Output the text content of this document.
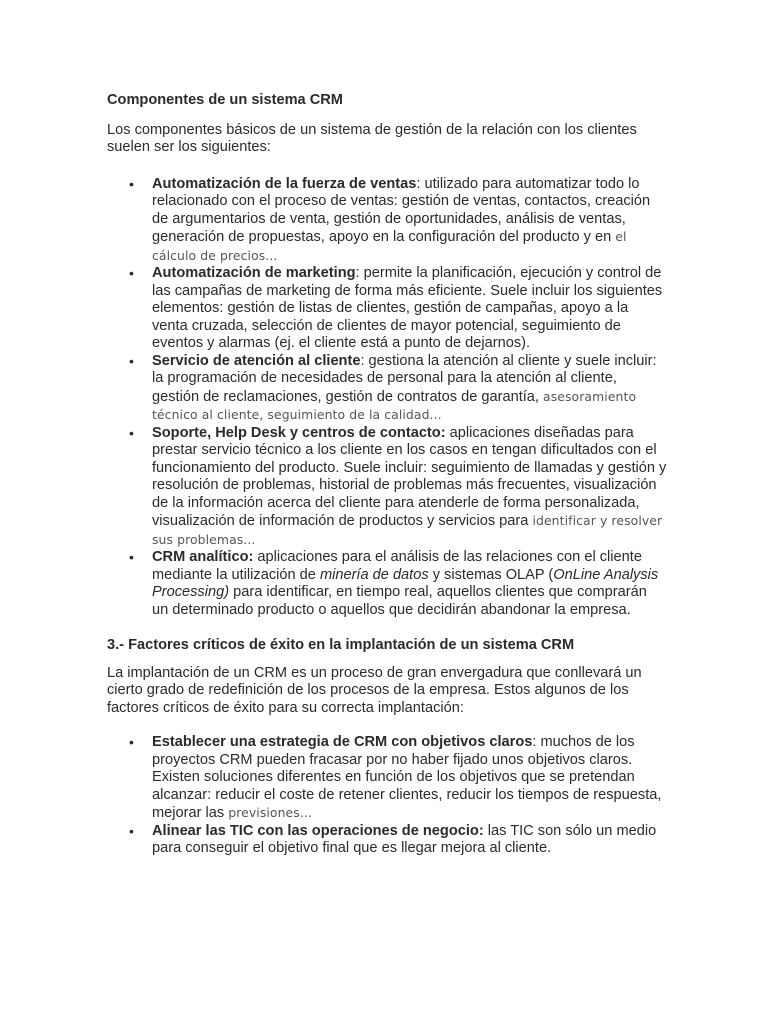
Componentes de un sistema CRM

Los componentes básicos de un sistema de gestión de la relación con los clientes suelen ser los siguientes:

• Automatización de la fuerza de ventas: utilizado para automatizar todo lo relacionado con el proceso de ventas: gestión de ventas, contactos, creación de argumentarios de venta, gestión de oportunidades, análisis de ventas, generación de propuestas, apoyo en la configuración del producto y en el cálculo de precios...
• Automatización de marketing: permite la planificación, ejecución y control de las campañas de marketing de forma más eficiente. Suele incluir los siguientes elementos: gestión de listas de clientes, gestión de campañas, apoyo a la venta cruzada, selección de clientes de mayor potencial, seguimiento de eventos y alarmas (ej. el cliente está a punto de dejarnos).
• Servicio de atención al cliente: gestiona la atención al cliente y suele incluir: la programación de necesidades de personal para la atención al cliente, gestión de reclamaciones, gestión de contratos de garantía, asesoramiento técnico al cliente, seguimiento de la calidad...
• Soporte, Help Desk y centros de contacto: aplicaciones diseñadas para prestar servicio técnico a los cliente en los casos en tengan dificultados con el funcionamiento del producto. Suele incluir: seguimiento de llamadas y gestión y resolución de problemas, historial de problemas más frecuentes, visualización de la información acerca del cliente para atenderle de forma personalizada, visualización de información de productos y servicios para identificar y resolver sus problemas...
• CRM analítico: aplicaciones para el análisis de las relaciones con el cliente mediante la utilización de minería de datos y sistemas OLAP (OnLine Analysis Processing) para identificar, en tiempo real, aquellos clientes que comprarán un determinado producto o aquellos que decidirán abandonar la empresa.
3.- Factores críticos de éxito en la implantación de un sistema CRM

La implantación de un CRM es un proceso de gran envergadura que conllevará un cierto grado de redefinición de los procesos de la empresa. Estos algunos de los factores críticos de éxito para su correcta implantación:

• Establecer una estrategia de CRM con objetivos claros: muchos de los proyectos CRM pueden fracasar por no haber fijado unos objetivos claros. Existen soluciones diferentes en función de los objetivos que se pretendan alcanzar: reducir el coste de retener clientes, reducir los tiempos de respuesta, mejorar las previsiones...
• Alinear las TIC con las operaciones de negocio: las TIC son sólo un medio para conseguir el objetivo final que es llegar mejora al cliente.
